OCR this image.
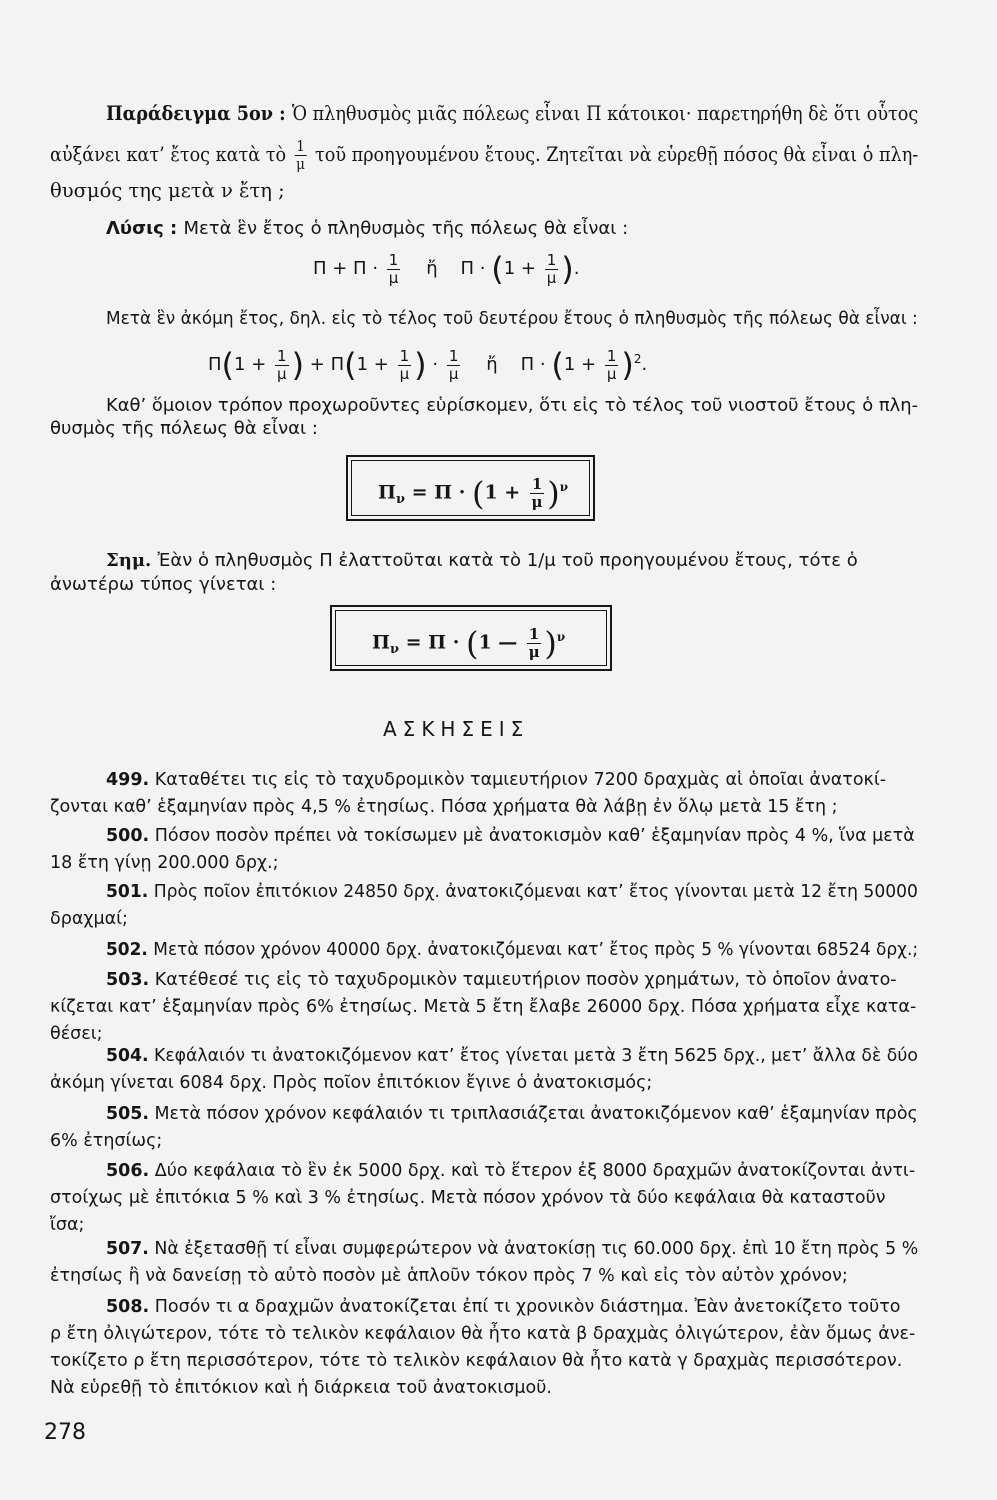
Παράδειγμα 5ον : Ὁ πληθυσμὸς μιᾶς πόλεως εἶναι Π κάτοικοι· παρετηρήθη δὲ ὅτι οὗτος
αὐξάνει κατ’ ἔτος κατὰ τὸ $\frac{1}{\mu}$ τοῦ προηγουμένου ἔτους. Ζητεῖται νὰ εὑρεθῇ πόσος θὰ εἶναι ὁ πλη-
θυσμός της μετὰ ν ἔτη ;
Λύσις : Μετὰ ἓν ἔτος ὁ πληθυσμὸς τῆς πόλεως θὰ εἶναι :
$\Pi + \Pi \cdot \frac{1}{\mu}$ ἤ $\Pi \cdot (1 + \frac{1}{\mu}$ ).
Μετὰ ἓν ἀκόμη ἔτος, δηλ. εἰς τὸ τέλος τοῦ δευτέρου ἔτους ὁ πληθυσμὸς τῆς πόλεως θὰ εἶναι :
$\Pi(1 + \frac{1}{\mu}$ ) + $\Pi(1 + \frac{1}{\mu}$ ) · $\frac{1}{\mu}$ ἤ $\Pi \cdot (1 + \frac{1}{\mu} )^2$.
Καθ’ ὅμοιον τρόπον προχωροῦντες εὑρίσκομεν, ὅτι εἰς τὸ τέλος τοῦ νιοστοῦ ἔτους ὁ πλη-
θυσμὸς τῆς πόλεως θὰ εἶναι :
$\Pi_\nu = \Pi \cdot (1 + \frac{1}{\mu} )^\nu$
Σημ. Ἐὰν ὁ πληθυσμὸς Π ἐλαττοῦται κατὰ τὸ 1/μ τοῦ προηγουμένου ἔτους, τότε ὁ
ἀνωτέρω τύπος γίνεται :
$\Pi_\nu = \Pi \cdot (1$ — $\frac{1}{\mu} )^\nu$
ΑΣΚΗΣΕΙΣ
499. Καταθέτει τις εἰς τὸ ταχυδρομικὸν ταμιευτήριον 7200 δραχμὰς αἱ ὁποῖαι ἀνατοκί-
ζονται καθ’ ἑξαμηνίαν πρὸς 4,5 % ἐτησίως. Πόσα χρήματα θὰ λάβῃ ἐν ὅλῳ μετὰ 15 ἔτη ;
500. Πόσον ποσὸν πρέπει νὰ τοκίσωμεν μὲ ἀνατοκισμὸν καθ’ ἑξαμηνίαν πρὸς 4 %, ἵνα μετὰ
18 ἔτη γίνῃ 200.000 δρχ.;
501. Πρὸς ποῖον ἐπιτόκιον 24850 δρχ. ἀνατοκιζόμεναι κατ’ ἔτος γίνονται μετὰ 12 ἔτη 50000
δραχμαί;
502. Μετὰ πόσον χρόνον 40000 δρχ. ἀνατοκιζόμεναι κατ’ ἔτος πρὸς 5 % γίνονται 68524 δρχ.;
503. Κατέθεσέ τις εἰς τὸ ταχυδρομικὸν ταμιευτήριον ποσὸν χρημάτων, τὸ ὁποῖον ἀνατο-
κίζεται κατ’ ἑξαμηνίαν πρὸς 6% ἐτησίως. Μετὰ 5 ἔτη ἔλαβε 26000 δρχ. Πόσα χρήματα εἶχε κατα-
θέσει;
504. Κεφάλαιόν τι ἀνατοκιζόμενον κατ’ ἔτος γίνεται μετὰ 3 ἔτη 5625 δρχ., μετ’ ἄλλα δὲ δύο
ἀκόμη γίνεται 6084 δρχ. Πρὸς ποῖον ἐπιτόκιον ἔγινε ὁ ἀνατοκισμός;
505. Μετὰ πόσον χρόνον κεφάλαιόν τι τριπλασιάζεται ἀνατοκιζόμενον καθ’ ἑξαμηνίαν πρὸς
6% ἐτησίως;
506. Δύο κεφάλαια τὸ ἓν ἐκ 5000 δρχ. καὶ τὸ ἕτερον ἐξ 8000 δραχμῶν ἀνατοκίζονται ἀντι-
στοίχως μὲ ἐπιτόκια 5 % καὶ 3 % ἐτησίως. Μετὰ πόσον χρόνον τὰ δύο κεφάλαια θὰ καταστοῦν
ἴσα;
507. Νὰ ἐξετασθῇ τί εἶναι συμφερώτερον νὰ ἀνατοκίσῃ τις 60.000 δρχ. ἐπὶ 10 ἔτη πρὸς 5 %
ἐτησίως ἢ νὰ δανείσῃ τὸ αὐτὸ ποσὸν μὲ ἁπλοῦν τόκον πρὸς 7 % καὶ εἰς τὸν αὐτὸν χρόνον;
508. Ποσόν τι α δραχμῶν ἀνατοκίζεται ἐπί τι χρονικὸν διάστημα. Ἐὰν ἀνετοκίζετο τοῦτο
ρ ἔτη ὀλιγώτερον, τότε τὸ τελικὸν κεφάλαιον θὰ ἦτο κατὰ β δραχμὰς ὀλιγώτερον, ἐὰν ὅμως ἀνε-
τοκίζετο ρ ἔτη περισσότερον, τότε τὸ τελικὸν κεφάλαιον θὰ ἦτο κατὰ γ δραχμὰς περισσότερον.
Νὰ εὑρεθῇ τὸ ἐπιτόκιον καὶ ἡ διάρκεια τοῦ ἀνατοκισμοῦ.
278
